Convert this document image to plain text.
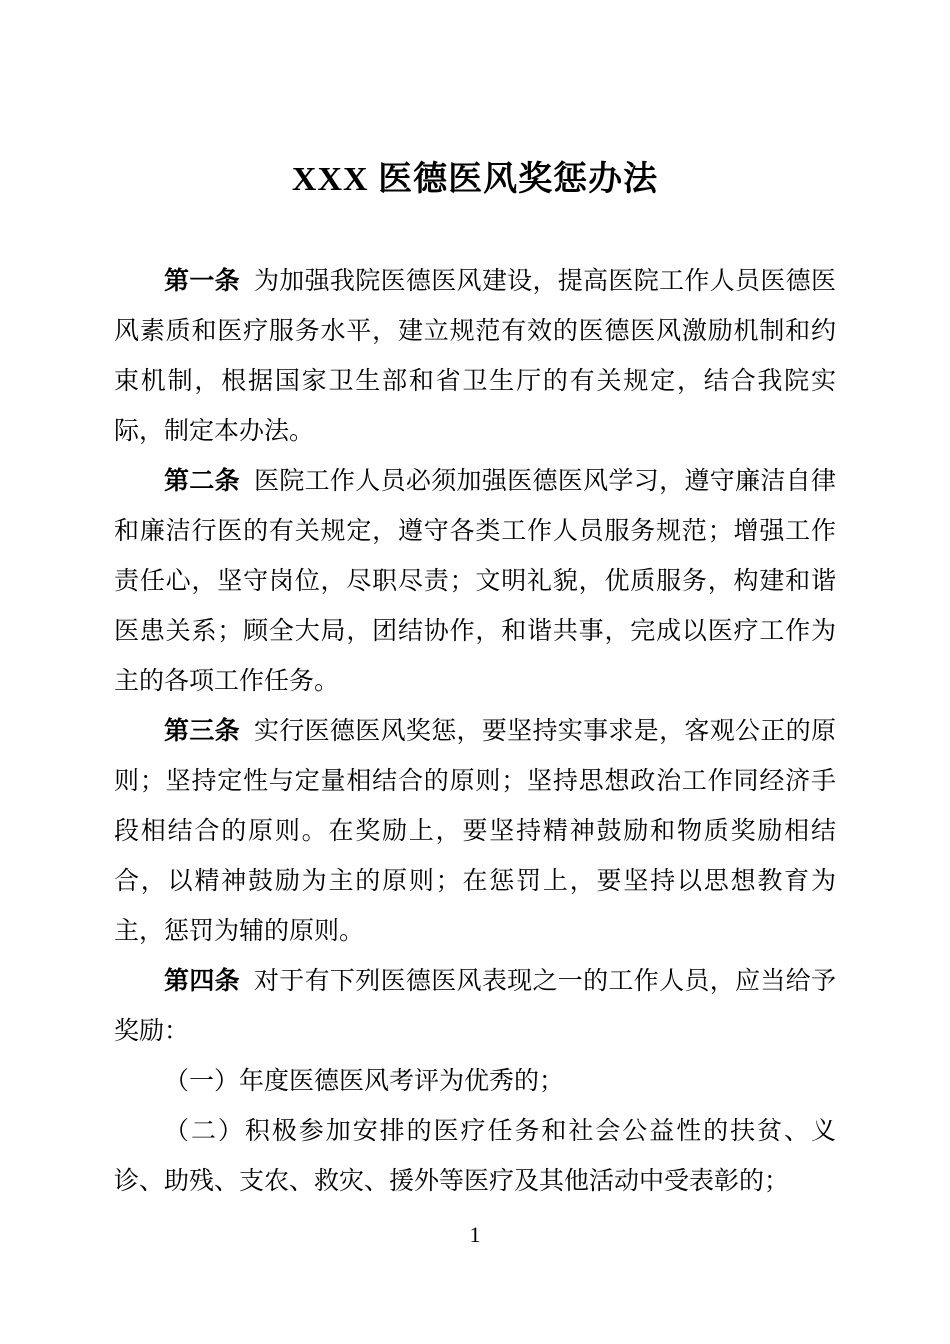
XXX 医德医风奖惩办法

第一条 为加强我院医德医风建设，提高医院工作人员医德医风素质和医疗服务水平，建立规范有效的医德医风激励机制和约束机制，根据国家卫生部和省卫生厅的有关规定，结合我院实际，制定本办法。

第二条 医院工作人员必须加强医德医风学习，遵守廉洁自律和廉洁行医的有关规定，遵守各类工作人员服务规范；增强工作责任心，坚守岗位，尽职尽责；文明礼貌，优质服务，构建和谐医患关系；顾全大局，团结协作，和谐共事，完成以医疗工作为主的各项工作任务。

第三条 实行医德医风奖惩，要坚持实事求是，客观公正的原则；坚持定性与定量相结合的原则；坚持思想政治工作同经济手段相结合的原则。在奖励上，要坚持精神鼓励和物质奖励相结合，以精神鼓励为主的原则；在惩罚上，要坚持以思想教育为主，惩罚为辅的原则。

第四条 对于有下列医德医风表现之一的工作人员，应当给予奖励：

（一）年度医德医风考评为优秀的；

（二）积极参加安排的医疗任务和社会公益性的扶贫、义诊、助残、支农、救灾、援外等医疗及其他活动中受表彰的；

1
